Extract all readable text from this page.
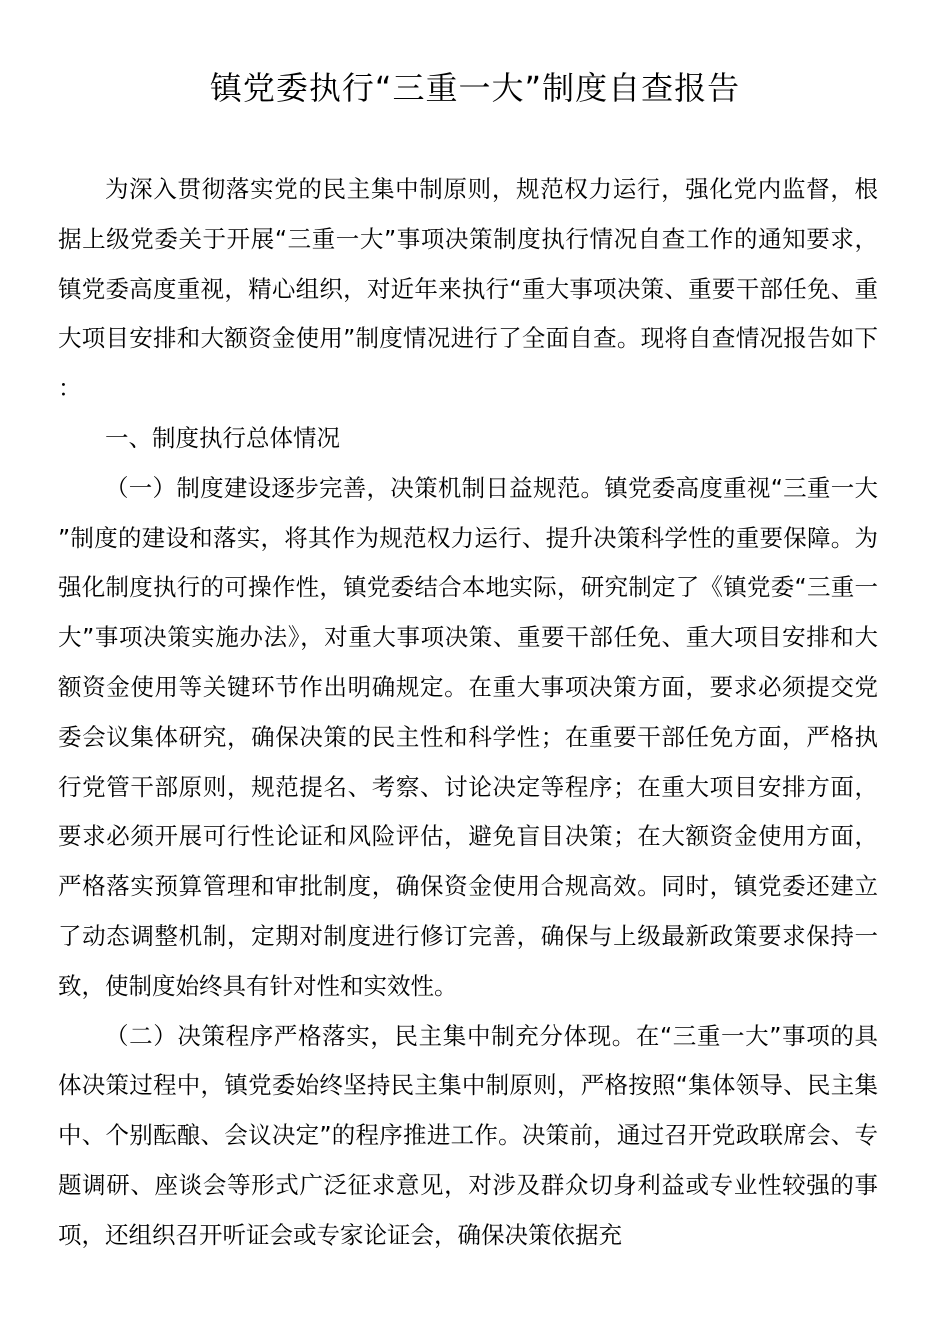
镇党委执行“三重一大”制度自查报告

为深入贯彻落实党的民主集中制原则，规范权力运行，强化党内监督，根据上级党委关于开展“三重一大”事项决策制度执行情况自查工作的通知要求，镇党委高度重视，精心组织，对近年来执行“重大事项决策、重要干部任免、重大项目安排和大额资金使用”制度情况进行了全面自查。现将自查情况报告如下：

一、制度执行总体情况

（一）制度建设逐步完善，决策机制日益规范。镇党委高度重视“三重一大”制度的建设和落实，将其作为规范权力运行、提升决策科学性的重要保障。为强化制度执行的可操作性，镇党委结合本地实际，研究制定了《镇党委“三重一大”事项决策实施办法》，对重大事项决策、重要干部任免、重大项目安排和大额资金使用等关键环节作出明确规定。在重大事项决策方面，要求必须提交党委会议集体研究，确保决策的民主性和科学性；在重要干部任免方面，严格执行党管干部原则，规范提名、考察、讨论决定等程序；在重大项目安排方面，要求必须开展可行性论证和风险评估，避免盲目决策；在大额资金使用方面，严格落实预算管理和审批制度，确保资金使用合规高效。同时，镇党委还建立了动态调整机制，定期对制度进行修订完善，确保与上级最新政策要求保持一致，使制度始终具有针对性和实效性。

（二）决策程序严格落实，民主集中制充分体现。在“三重一大”事项的具体决策过程中，镇党委始终坚持民主集中制原则，严格按照“集体领导、民主集中、个别酝酿、会议决定”的程序推进工作。决策前，通过召开党政联席会、专题调研、座谈会等形式广泛征求意见，对涉及群众切身利益或专业性较强的事项，还组织召开听证会或专家论证会，确保决策依据充
